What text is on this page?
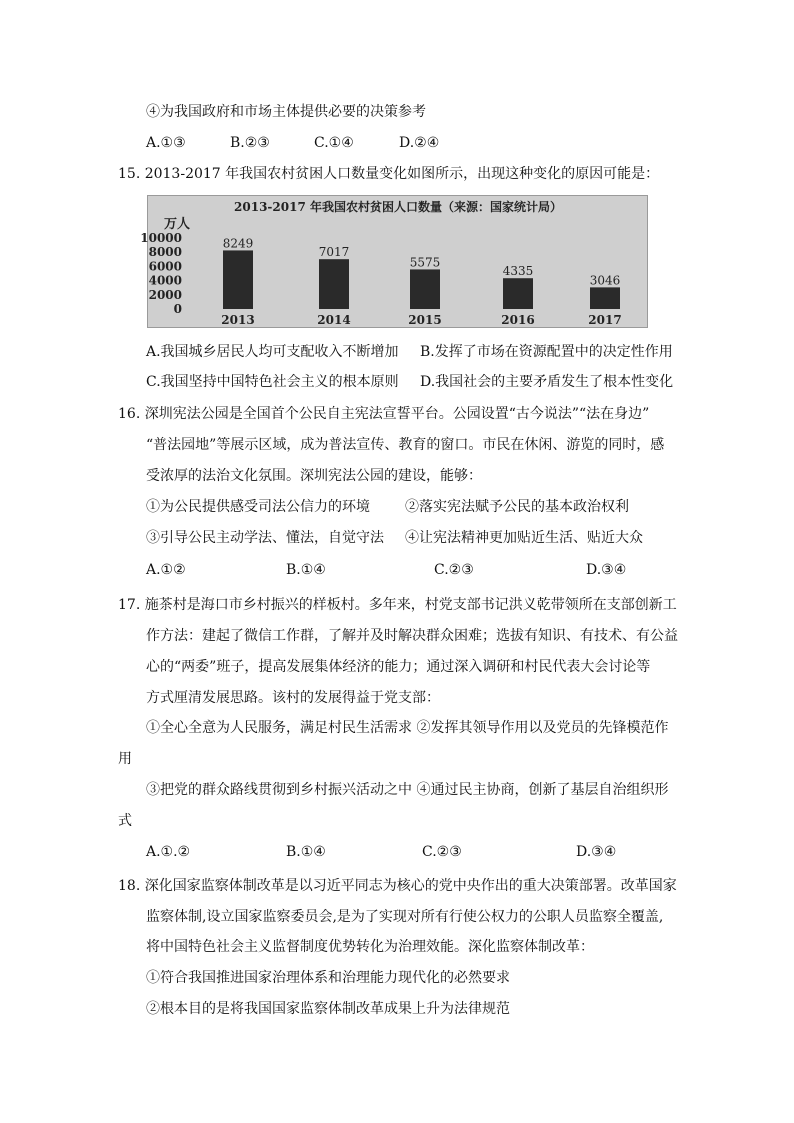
④为我国政府和市场主体提供必要的决策参考
A.①③	B.②③	C.①④	D.②④
15. 2013-2017 年我国农村贫困人口数量变化如图所示，出现这种变化的原因可能是：
2013-2017 年我国农村贫困人口数量（来源：国家统计局）
万人
10000
8000
6000
4000
2000
0
8249
2013
7017
2014
5575
2015
4335
2016
3046
2017
A.我国城乡居民人均可支配收入不断增加 B.发挥了市场在资源配置中的决定性作用
C.我国坚持中国特色社会主义的根本原则 D.我国社会的主要矛盾发生了根本性变化
16. 深圳宪法公园是全国首个公民自主宪法宣誓平台。公园设置“古今说法”“法在身边”
“普法园地”等展示区域，成为普法宣传、教育的窗口。市民在休闲、游览的同时，感
受浓厚的法治文化氛围。深圳宪法公园的建设，能够：
①为公民提供感受司法公信力的环境	②落实宪法赋予公民的基本政治权利
③引导公民主动学法、懂法，自觉守法 ④让宪法精神更加贴近生活、贴近大众
A.①②	B.①④	C.②③	D.③④
17. 施茶村是海口市乡村振兴的样板村。多年来，村党支部书记洪义乾带领所在支部创新工
作方法：建起了微信工作群，了解并及时解决群众困难；选拔有知识、有技术、有公益
心的“两委”班子，提高发展集体经济的能力；通过深入调研和村民代表大会讨论等
方式厘清发展思路。该村的发展得益于党支部：
①全心全意为人民服务，满足村民生活需求 ②发挥其领导作用以及党员的先锋模范作
用
③把党的群众路线贯彻到乡村振兴活动之中 ④通过民主协商，创新了基层自治组织形
式
A.①.②	B.①④	C.②③	D.③④
18. 深化国家监察体制改革是以习近平同志为核心的党中央作出的重大决策部署。改革国家
监察体制,设立国家监察委员会,是为了实现对所有行使公权力的公职人员监察全覆盖,
将中国特色社会主义监督制度优势转化为治理效能。深化监察体制改革：
①符合我国推进国家治理体系和治理能力现代化的必然要求
②根本目的是将我国国家监察体制改革成果上升为法律规范
